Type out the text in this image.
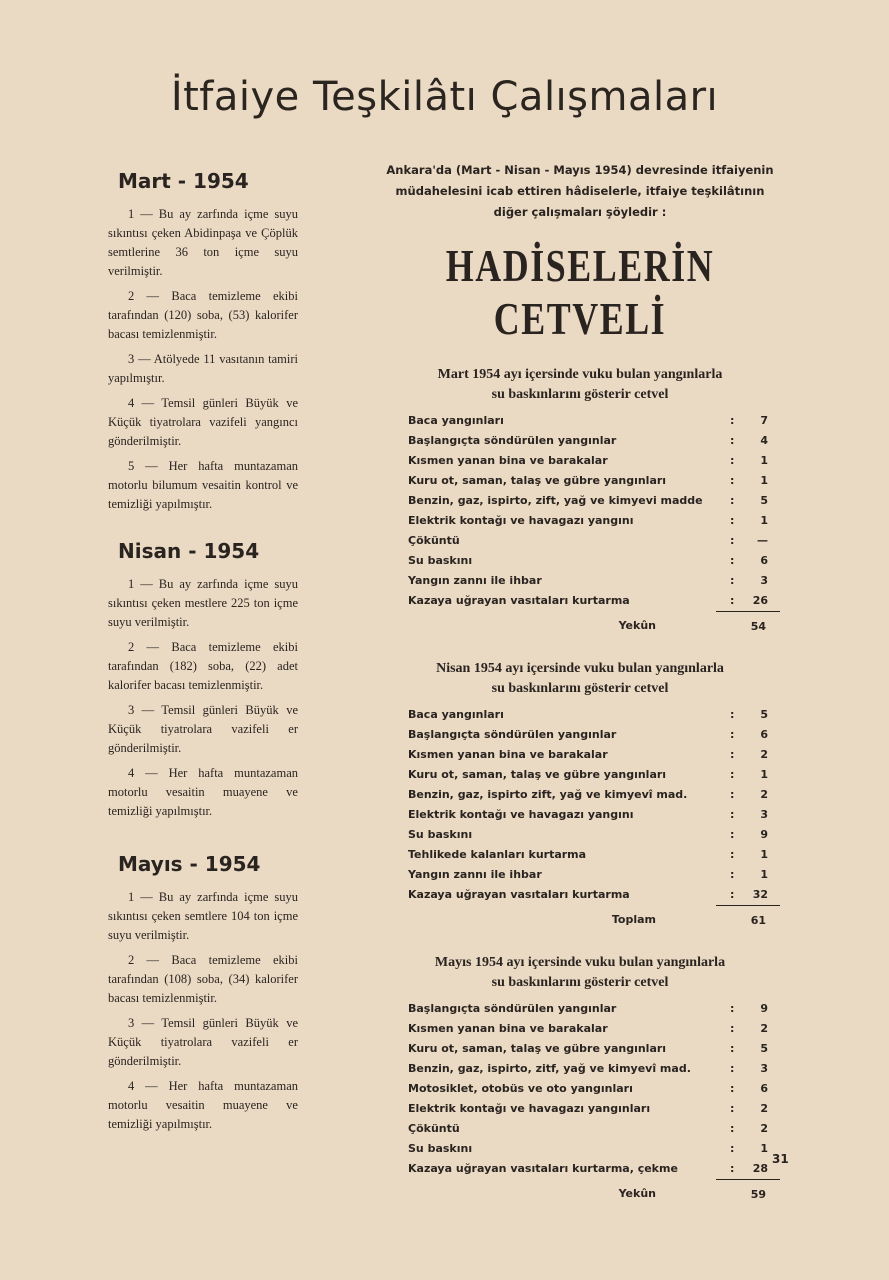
İtfaiye Teşkilâtı Çalışmaları
Mart - 1954

1 — Bu ay zarfında içme suyu sıkıntısı çeken Abidinpaşa ve Çöplük semtlerine 36 ton içme suyu verilmiştir.

2 — Baca temizleme ekibi tarafından (120) soba, (53) kalorifer bacası temizlenmiştir.

3 — Atölyede 11 vasıtanın tamiri yapılmıştır.

4 — Temsil günleri Büyük ve Küçük tiyatrolara vazifeli yangıncı gönderilmiştir.

5 — Her hafta muntazaman motorlu bilumum vesaitin kontrol ve temizliği yapılmıştır.

Nisan - 1954

1 — Bu ay zarfında içme suyu sıkıntısı çeken mestlere 225 ton içme suyu verilmiştir.

2 — Baca temizleme ekibi tarafından (182) soba, (22) adet kalorifer bacası temizlenmiştir.

3 — Temsil günleri Büyük ve Küçük tiyatrolara vazifeli er gönderilmiştir.

4 — Her hafta muntazaman motorlu vesaitin muayene ve temizliği yapılmıştır.

Mayıs - 1954

1 — Bu ay zarfında içme suyu sıkıntısı çeken semtlere 104 ton içme suyu verilmiştir.

2 — Baca temizleme ekibi tarafından (108) soba, (34) kalorifer bacası temizlenmiştir.

3 — Temsil günleri Büyük ve Küçük tiyatrolara vazifeli er gönderilmiştir.

4 — Her hafta muntazaman motorlu vesaitin muayene ve temizliği yapılmıştır.

Ankara'da (Mart - Nisan - Mayıs 1954) devresinde itfaiyenin müdahelesini icab ettiren hâdiselerle, itfaiye teşkilâtının diğer çalışmaları şöyledir :
HADİSELERİN CETVELİ
Mart 1954 ayı içersinde vuku bulan yangınlarla
su baskınlarını gösterir cetvel
Baca yangınları	:	7
Başlangıçta söndürülen yangınlar	:	4
Kısmen yanan bina ve barakalar	:	1
Kuru ot, saman, talaş ve gübre yangınları	:	1
Benzin, gaz, ispirto, zift, yağ ve kimyevi madde	:	5
Elektrik kontağı ve havagazı yangını	:	1
Çöküntü	:	—
Su baskını	:	6
Yangın zannı ile ihbar	:	3
Kazaya uğrayan vasıtaları kurtarma	:	26
Yekûn	54
Nisan 1954 ayı içersinde vuku bulan yangınlarla
su baskınlarını gösterir cetvel
Baca yangınları	:	5
Başlangıçta söndürülen yangınlar	:	6
Kısmen yanan bina ve barakalar	:	2
Kuru ot, saman, talaş ve gübre yangınları	:	1
Benzin, gaz, ispirto zift, yağ ve kimyevî mad.	:	2
Elektrik kontağı ve havagazı yangını	:	3
Su baskını	:	9
Tehlikede kalanları kurtarma	:	1
Yangın zannı ile ihbar	:	1
Kazaya uğrayan vasıtaları kurtarma	:	32
Toplam	61
Mayıs 1954 ayı içersinde vuku bulan yangınlarla
su baskınlarını gösterir cetvel
Başlangıçta söndürülen yangınlar	:	9
Kısmen yanan bina ve barakalar	:	2
Kuru ot, saman, talaş ve gübre yangınları	:	5
Benzin, gaz, ispirto, zitf, yağ ve kimyevî mad.	:	3
Motosiklet, otobüs ve oto yangınları	:	6
Elektrik kontağı ve havagazı yangınları	:	2
Çöküntü	:	2
Su baskını	:	1
Kazaya uğrayan vasıtaları kurtarma, çekme	:	28
Yekûn	59
31
